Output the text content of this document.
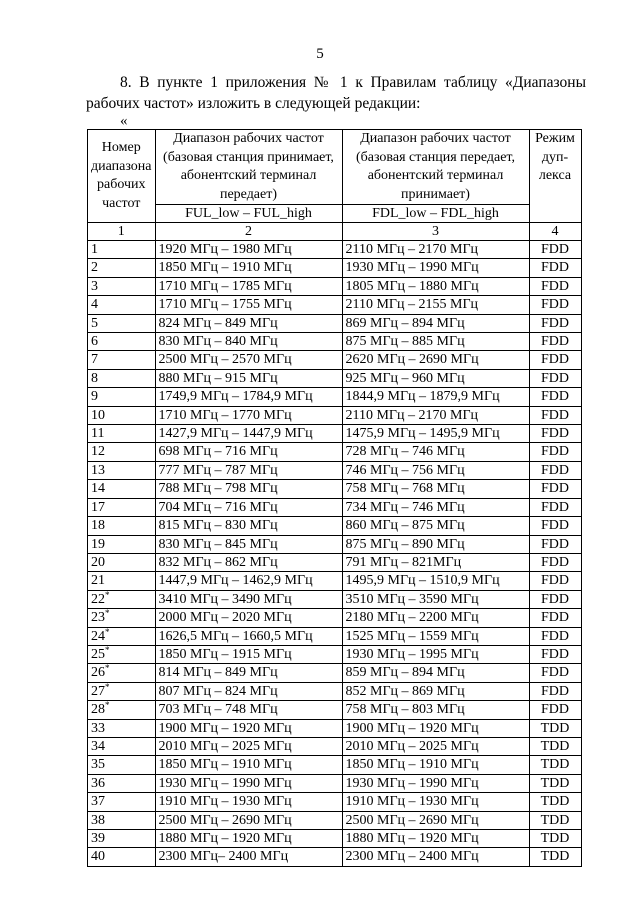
5
8. В пункте 1 приложения № 1 к Правилам таблицу «Диапазоны
рабочих частот» изложить в следующей редакции:
«
Номер диапазона рабочих частот	Диапазон рабочих частот (базовая станция принимает, абонентский терминал передает)	Диапазон рабочих частот (базовая станция передает, абонентский терминал принимает)	Режим дуп-лекса
	FUL_low – FUL_high	FDL_low – FDL_high	
1	2	3	4
1	1920 МГц – 1980 МГц	2110 МГц – 2170 МГц	FDD
2	1850 МГц – 1910 МГц	1930 МГц – 1990 МГц	FDD
3	1710 МГц – 1785 МГц	1805 МГц – 1880 МГц	FDD
4	1710 МГц – 1755 МГц	2110 МГц – 2155 МГц	FDD
5	824 МГц – 849 МГц	869 МГц – 894 МГц	FDD
6	830 МГц – 840 МГц	875 МГц – 885 МГц	FDD
7	2500 МГц – 2570 МГц	2620 МГц – 2690 МГц	FDD
8	880 МГц – 915 МГц	925 МГц – 960 МГц	FDD
9	1749,9 МГц – 1784,9 МГц	1844,9 МГц – 1879,9 МГц	FDD
10	1710 МГц – 1770 МГц	2110 МГц – 2170 МГц	FDD
11	1427,9 МГц – 1447,9 МГц	1475,9 МГц – 1495,9 МГц	FDD
12	698 МГц – 716 МГц	728 МГц – 746 МГц	FDD
13	777 МГц – 787 МГц	746 МГц – 756 МГц	FDD
14	788 МГц – 798 МГц	758 МГц – 768 МГц	FDD
17	704 МГц – 716 МГц	734 МГц – 746 МГц	FDD
18	815 МГц – 830 МГц	860 МГц – 875 МГц	FDD
19	830 МГц – 845 МГц	875 МГц – 890 МГц	FDD
20	832 МГц – 862 МГц	791 МГц – 821МГц	FDD
21	1447,9 МГц – 1462,9 МГц	1495,9 МГц – 1510,9 МГц	FDD
22*	3410 МГц – 3490 МГц	3510 МГц – 3590 МГц	FDD
23*	2000 МГц – 2020 МГц	2180 МГц – 2200 МГц	FDD
24*	1626,5 МГц – 1660,5 МГц	1525 МГц – 1559 МГц	FDD
25*	1850 МГц – 1915 МГц	1930 МГц – 1995 МГц	FDD
26*	814 МГц – 849 МГц	859 МГц – 894 МГц	FDD
27*	807 МГц – 824 МГц	852 МГц – 869 МГц	FDD
28*	703 МГц – 748 МГц	758 МГц – 803 МГц	FDD
33	1900 МГц – 1920 МГц	1900 МГц – 1920 МГц	TDD
34	2010 МГц – 2025 МГц	2010 МГц – 2025 МГц	TDD
35	1850 МГц – 1910 МГц	1850 МГц – 1910 МГц	TDD
36	1930 МГц – 1990 МГц	1930 МГц – 1990 МГц	TDD
37	1910 МГц – 1930 МГц	1910 МГц – 1930 МГц	TDD
38	2500 МГц – 2690 МГц	2500 МГц – 2690 МГц	TDD
39	1880 МГц – 1920 МГц	1880 МГц – 1920 МГц	TDD
40	2300 МГц– 2400 МГц	2300 МГц – 2400 МГц	TDD
